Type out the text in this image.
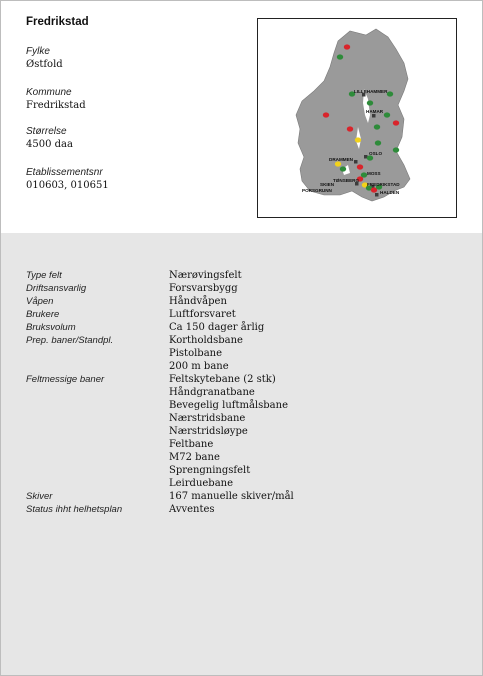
Fredrikstad
Fylke
Østfold
Kommune
Fredrikstad
Størrelse
4500 daa
Etablissementsnr
010603, 010651
LILLEHAMMER
HAMAR
OSLO
DRAMMEN
MOSS
TØNSBERG
SKIEN
PORSGRUNN
FREDRIKSTAD
HALDEN
Type felt	Nærøvingsfelt
Driftsansvarlig	Forsvarsbygg
Våpen	Håndvåpen
Brukere	Luftforsvaret
Bruksvolum	Ca 150 dager årlig
Prep. baner/Standpl.	Kortholdsbane
Pistolbane
200 m bane
Feltmessige baner	Feltskytebane (2 stk)
Håndgranatbane
Bevegelig luftmålsbane
Nærstridsbane
Nærstridsløype
Feltbane
M72 bane
Sprengningsfelt
Leirduebane
Skiver	167 manuelle skiver/mål
Status ihht helhetsplan	Avventes
